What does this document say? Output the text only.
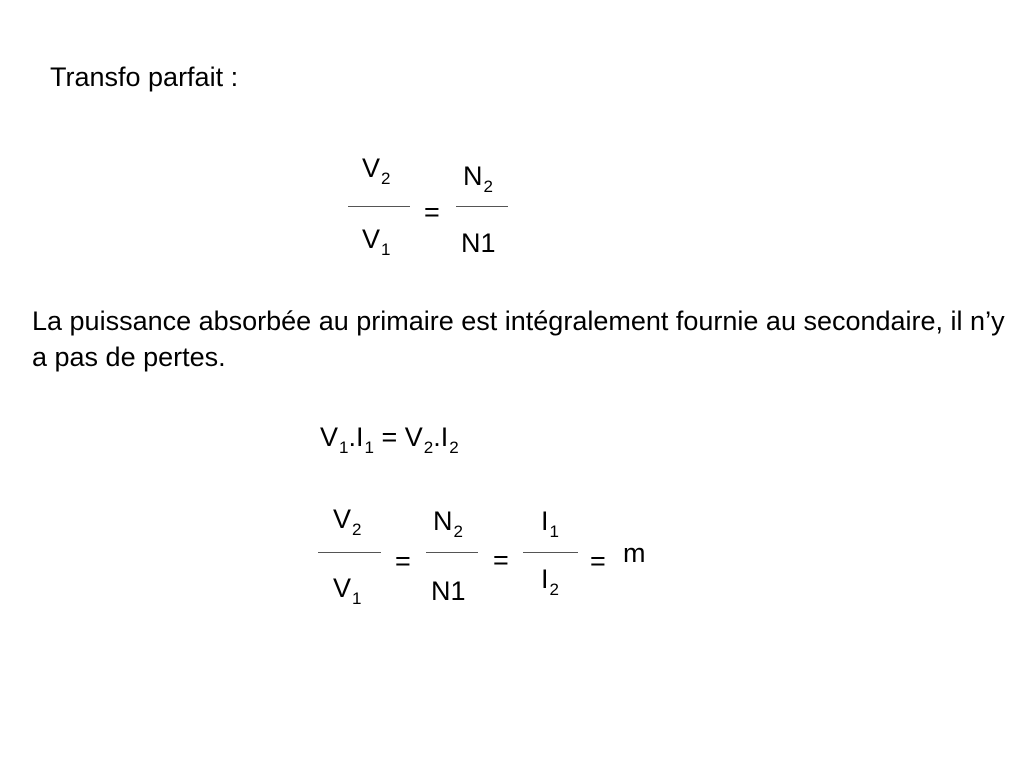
Transfo parfait :
$V_2$
$V_1$
=
$N_2$
N1
La puissance absorbée au primaire est intégralement fournie au secondaire, il n’y a pas de pertes.
$V_1.I_1 = V_2.I_2$
$V_2$
$V_1$
=
$N_2$
N1
=
$I_1$
$I_2$
= m
